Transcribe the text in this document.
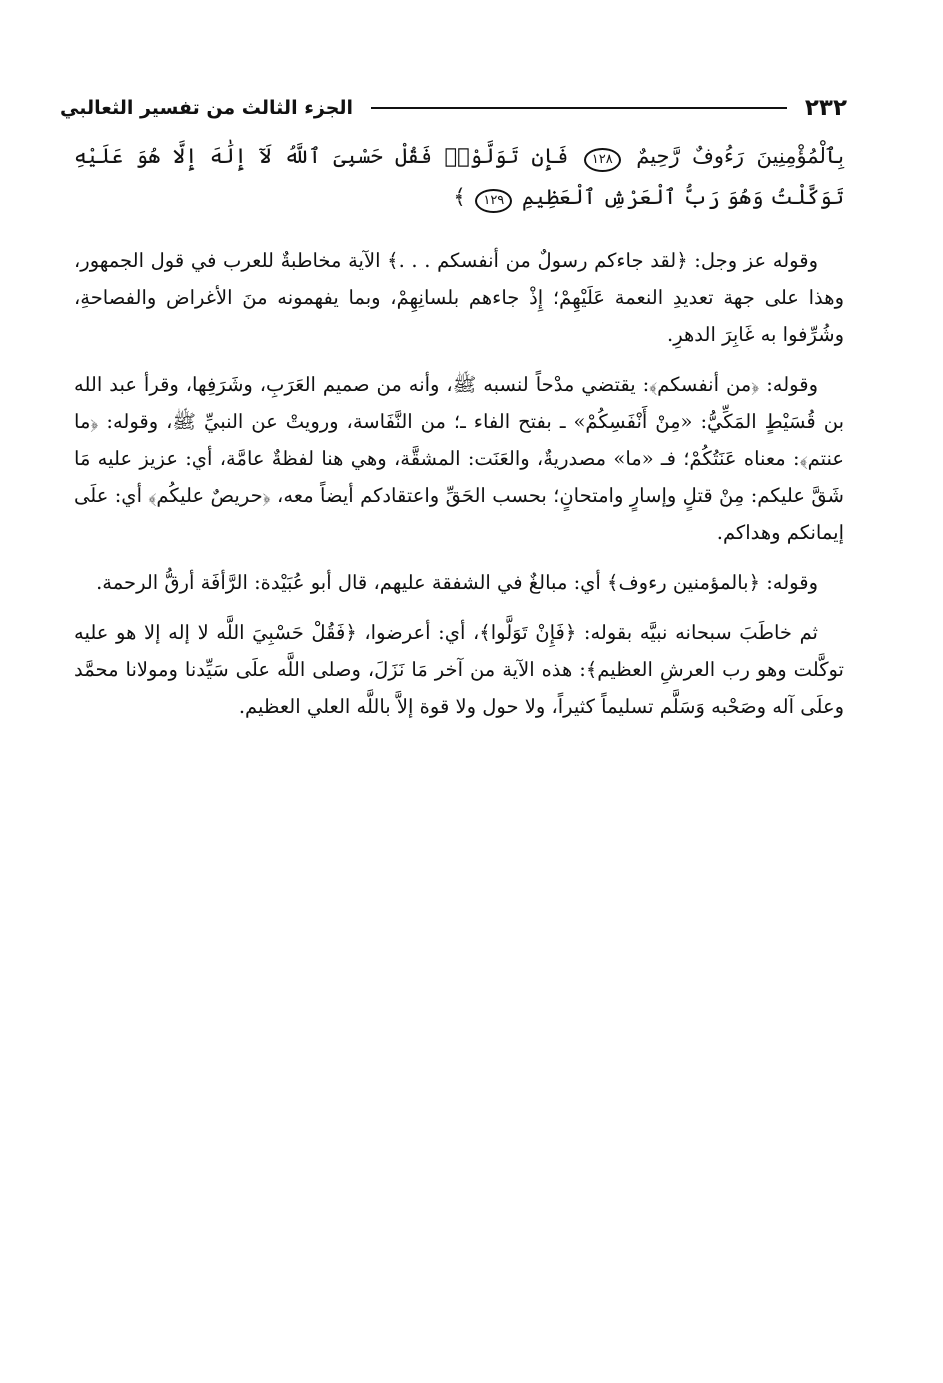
٢٣٢
الجزء الثالث من تفسير الثعالبي
بِٱلْمُؤْمِنِينَ رَءُوفٌ رَّحِيمٌ ١٢٨ فَإِن تَوَلَّوْا۟ فَقُلْ حَسْبِىَ ٱللَّهُ لَآ إِلَٰهَ إِلَّا هُوَ عَلَيْهِ تَوَكَّلْتُ وَهُوَ رَبُّ ٱلْعَرْشِ ٱلْعَظِيمِ ١٢٩ ﴾

وقوله عز وجل: ﴿لقد جاءكم رسولٌ من أنفسكم . . .﴾ الآية مخاطبةٌ للعرب في قول الجمهور، وهذا على جهة تعديدِ النعمة عَلَيْهِمْ؛ إِذْ جاءهم بلسانِهِمْ، وبما يفهمونه منَ الأغراض والفصاحةِ، وشُرِّفوا به غَابِرَ الدهرِ.

وقوله: ﴿من أنفسكم﴾: يقتضي مدْحاً لنسبه ﷺ، وأنه من صميم العَرَبِ، وشَرَفِها، وقرأ عبد الله بن قُسَيْطٍ المَكِّيُّ: «مِنْ أَنْفَسِكُمْ» ـ بفتح الفاء ـ؛ من النَّفَاسة، ورويتْ عن النبيِّ ﷺ، وقوله: ﴿ما عنتم﴾: معناه عَنَتُكُمْ؛ فـ «ما» مصدريةٌ، والعَنَت: المشقَّة، وهي هنا لفظةٌ عامَّة، أي: عزيز عليه مَا شَقَّ عليكم: مِنْ قتلٍ وإسارٍ وامتحانٍ؛ بحسب الحَقِّ واعتقادكم أيضاً معه، ﴿حريصٌ عليكُم﴾ أي: علَى إيمانكم وهداكم.

وقوله: ﴿بالمؤمنين رءوف﴾ أي: مبالغٌ في الشفقة عليهم، قال أبو عُبَيْدة: الرَّأفَة أرقُّ الرحمة.

ثم خاطَبَ سبحانه نبيَّه بقوله: ﴿فَإِنْ تَوَلَّوا﴾، أي: أعرضوا، ﴿فَقُلْ حَسْبِيَ اللَّه لا إله إلا هو عليه توكَّلت وهو رب العرشِ العظيم﴾: هذه الآية من آخر مَا نَزَلَ، وصلى اللَّه علَى سَيِّدنا ومولانا محمَّد وعلَى آله وصَحْبه وَسَلَّم تسليماً كثيراً، ولا حول ولا قوة إلاَّ باللَّه العلي العظيم.
